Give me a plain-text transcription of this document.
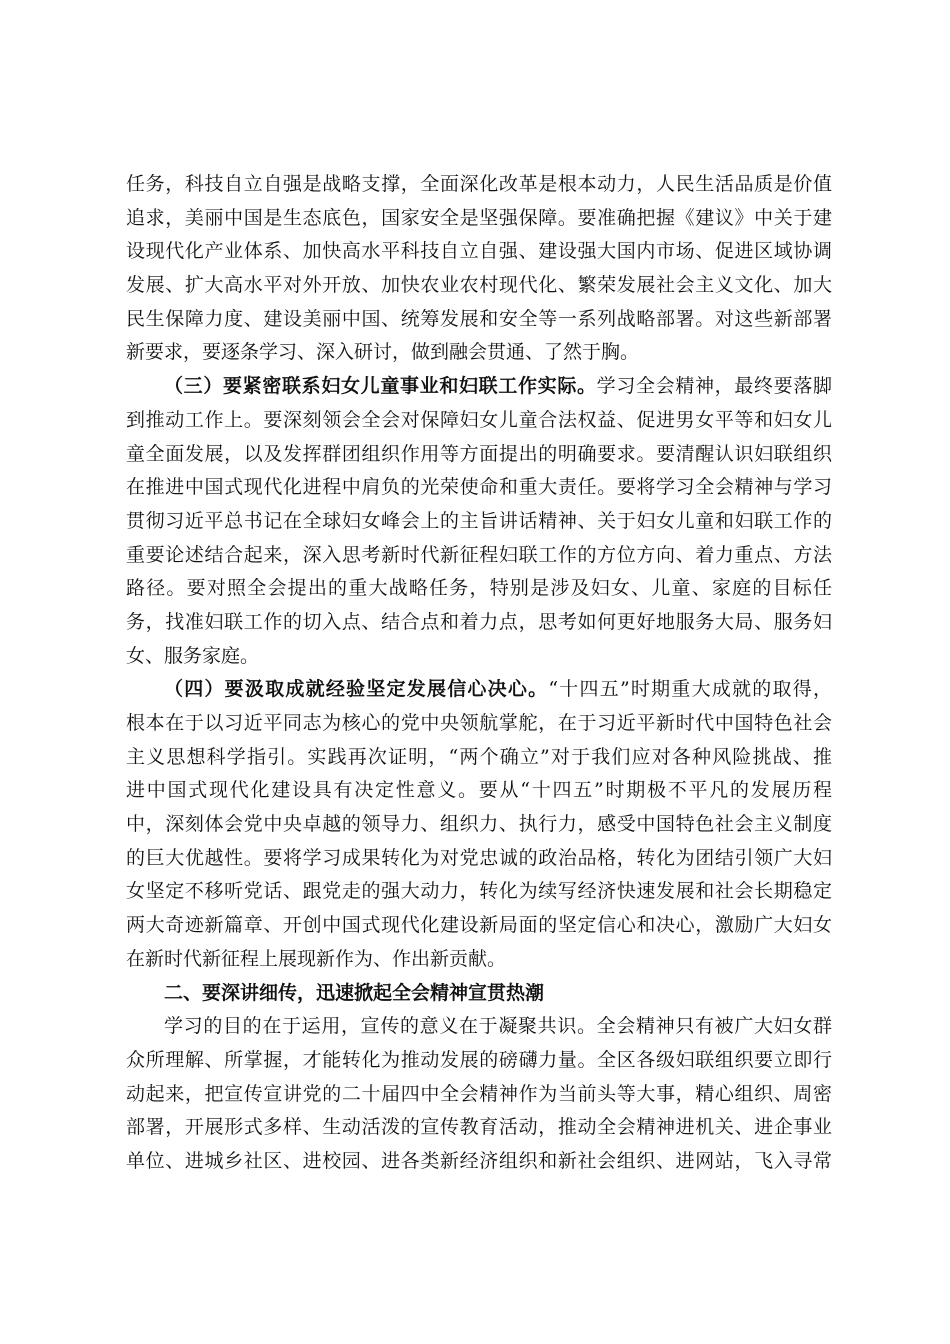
任务，科技自立自强是战略支撑，全面深化改革是根本动力，人民生活品质是价值
追求，美丽中国是生态底色，国家安全是坚强保障。要准确把握《建议》中关于建
设现代化产业体系、加快高水平科技自立自强、建设强大国内市场、促进区域协调
发展、扩大高水平对外开放、加快农业农村现代化、繁荣发展社会主义文化、加大
民生保障力度、建设美丽中国、统筹发展和安全等一系列战略部署。对这些新部署
新要求，要逐条学习、深入研讨，做到融会贯通、了然于胸。
（三）要紧密联系妇女儿童事业和妇联工作实际。学习全会精神，最终要落脚
到推动工作上。要深刻领会全会对保障妇女儿童合法权益、促进男女平等和妇女儿
童全面发展，以及发挥群团组织作用等方面提出的明确要求。要清醒认识妇联组织
在推进中国式现代化进程中肩负的光荣使命和重大责任。要将学习全会精神与学习
贯彻习近平总书记在全球妇女峰会上的主旨讲话精神、关于妇女儿童和妇联工作的
重要论述结合起来，深入思考新时代新征程妇联工作的方位方向、着力重点、方法
路径。要对照全会提出的重大战略任务，特别是涉及妇女、儿童、家庭的目标任
务，找准妇联工作的切入点、结合点和着力点，思考如何更好地服务大局、服务妇
女、服务家庭。
（四）要汲取成就经验坚定发展信心决心。“十四五”时期重大成就的取得，
根本在于以习近平同志为核心的党中央领航掌舵，在于习近平新时代中国特色社会
主义思想科学指引。实践再次证明，“两个确立”对于我们应对各种风险挑战、推
进中国式现代化建设具有决定性意义。要从“十四五”时期极不平凡的发展历程
中，深刻体会党中央卓越的领导力、组织力、执行力，感受中国特色社会主义制度
的巨大优越性。要将学习成果转化为对党忠诚的政治品格，转化为团结引领广大妇
女坚定不移听党话、跟党走的强大动力，转化为续写经济快速发展和社会长期稳定
两大奇迹新篇章、开创中国式现代化建设新局面的坚定信心和决心，激励广大妇女
在新时代新征程上展现新作为、作出新贡献。
二、要深讲细传，迅速掀起全会精神宣贯热潮
学习的目的在于运用，宣传的意义在于凝聚共识。全会精神只有被广大妇女群
众所理解、所掌握，才能转化为推动发展的磅礴力量。全区各级妇联组织要立即行
动起来，把宣传宣讲党的二十届四中全会精神作为当前头等大事，精心组织、周密
部署，开展形式多样、生动活泼的宣传教育活动，推动全会精神进机关、进企事业
单位、进城乡社区、进校园、进各类新经济组织和新社会组织、进网站，飞入寻常
